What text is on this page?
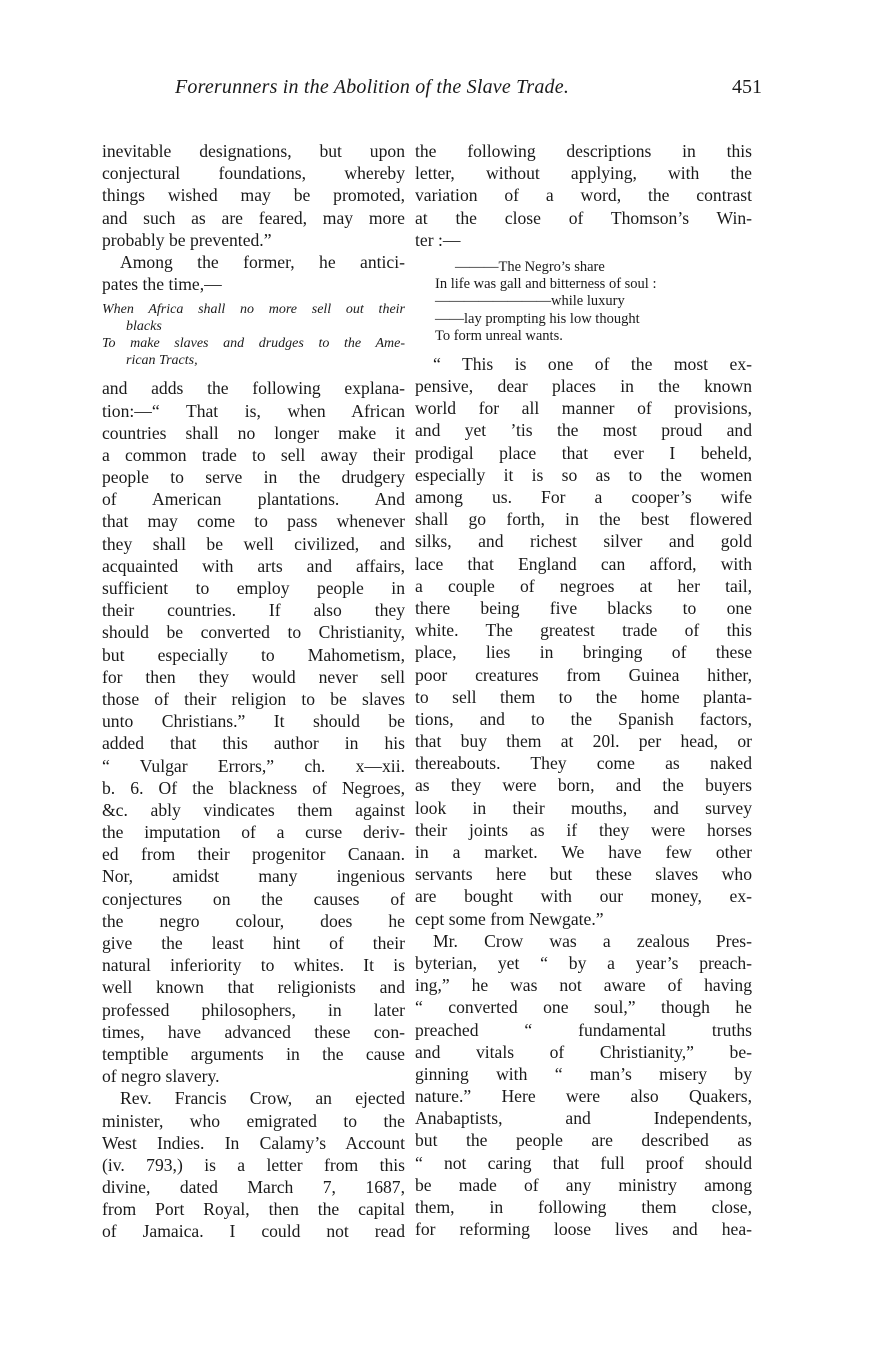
Forerunners in the Abolition of the Slave Trade.	451
inevitable designations, but upon
conjectural foundations, whereby
things wished may be promoted,
and such as are feared, may more
probably be prevented.”
Among the former, he antici-
pates the time,—
When Africa shall no more sell out their
blacks
To make slaves and drudges to the Ame-
rican Tracts,
and adds the following explana-
tion:—“ That is, when African
countries shall no longer make it
a common trade to sell away their
people to serve in the drudgery
of American plantations. And
that may come to pass whenever
they shall be well civilized, and
acquainted with arts and affairs,
sufficient to employ people in
their countries. If also they
should be converted to Christianity,
but especially to Mahometism,
for then they would never sell
those of their religion to be slaves
unto Christians.” It should be
added that this author in his
“ Vulgar Errors,” ch. x—xii.
b. 6. Of the blackness of Negroes,
&c. ably vindicates them against
the imputation of a curse deriv-
ed from their progenitor Canaan.
Nor, amidst many ingenious
conjectures on the causes of
the negro colour, does he
give the least hint of their
natural inferiority to whites. It is
well known that religionists and
professed philosophers, in later
times, have advanced these con-
temptible arguments in the cause
of negro slavery.
Rev. Francis Crow, an ejected
minister, who emigrated to the
West Indies. In Calamy’s Account
(iv. 793,) is a letter from this
divine, dated March 7, 1687,
from Port Royal, then the capital
of Jamaica. I could not read
the following descriptions in this
letter, without applying, with the
variation of a word, the contrast
at the close of Thomson’s Win-
ter :—
———The Negro’s share
In life was gall and bitterness of soul :
————————while luxury
——lay prompting his low thought
To form unreal wants.
“ This is one of the most ex-
pensive, dear places in the known
world for all manner of provisions,
and yet ’tis the most proud and
prodigal place that ever I beheld,
especially it is so as to the women
among us. For a cooper’s wife
shall go forth, in the best flowered
silks, and richest silver and gold
lace that England can afford, with
a couple of negroes at her tail,
there being five blacks to one
white. The greatest trade of this
place, lies in bringing of these
poor creatures from Guinea hither,
to sell them to the home planta-
tions, and to the Spanish factors,
that buy them at 20l. per head, or
thereabouts. They come as naked
as they were born, and the buyers
look in their mouths, and survey
their joints as if they were horses
in a market. We have few other
servants here but these slaves who
are bought with our money, ex-
cept some from Newgate.”
Mr. Crow was a zealous Pres-
byterian, yet “ by a year’s preach-
ing,” he was not aware of having
“ converted one soul,” though he
preached “ fundamental truths
and vitals of Christianity,” be-
ginning with “ man’s misery by
nature.” Here were also Quakers,
Anabaptists, and Independents,
but the people are described as
“ not caring that full proof should
be made of any ministry among
them, in following them close,
for reforming loose lives and hea-
